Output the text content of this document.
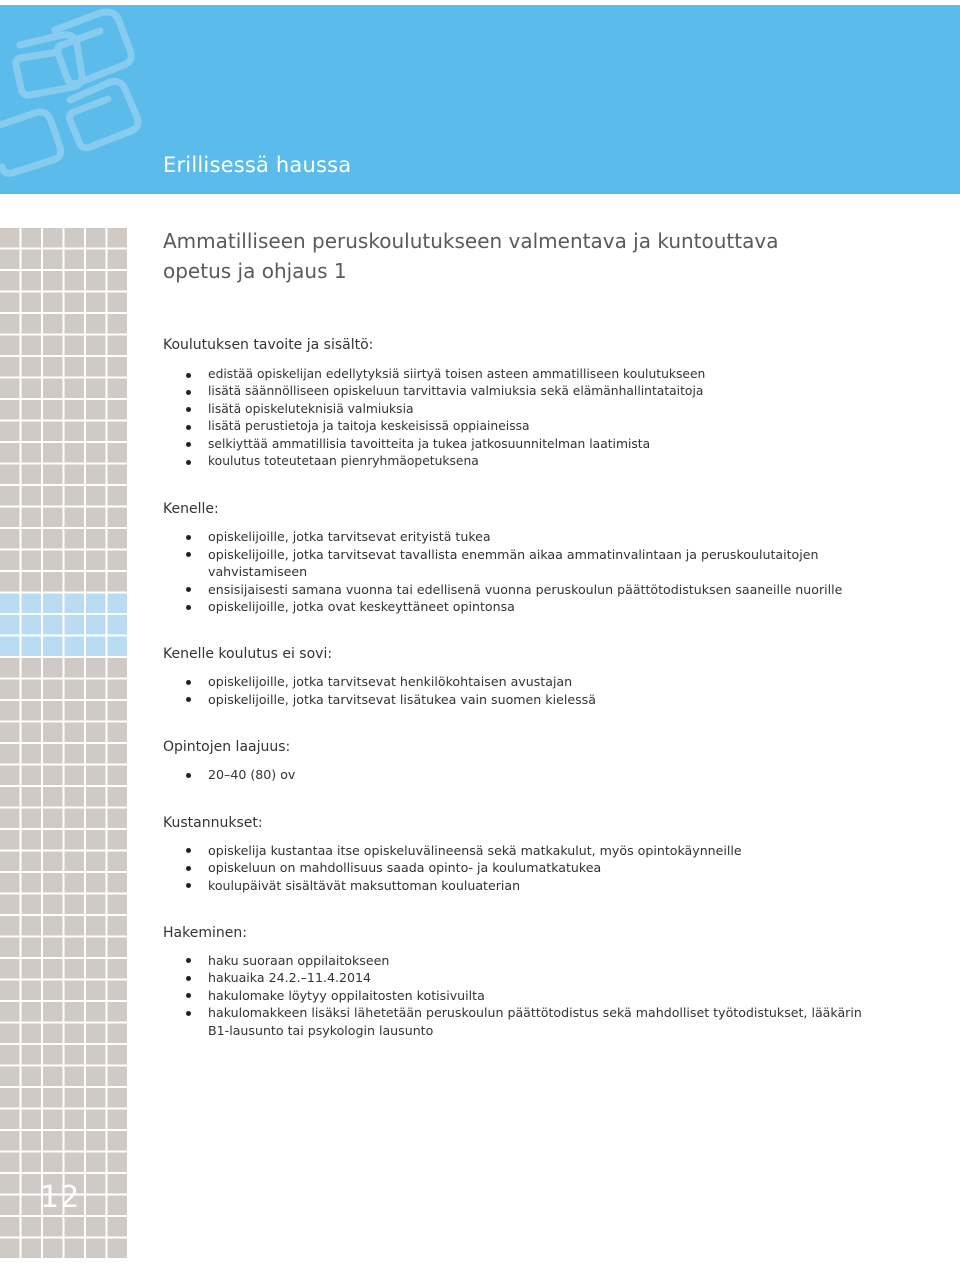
Erillisessä haussa
12
Ammatilliseen peruskoulutukseen valmentava ja kuntouttava opetus ja ohjaus 1
Koulutuksen tavoite ja sisältö:
edistää opiskelijan edellytyksiä siirtyä toisen asteen ammatilliseen koulutukseen
lisätä säännölliseen opiskeluun tarvittavia valmiuksia sekä elämänhallintataitoja
lisätä opiskeluteknisiä valmiuksia
lisätä perustietoja ja taitoja keskeisissä oppiaineissa
selkiyttää ammatillisia tavoitteita ja tukea jatkosuunnitelman laatimista
koulutus toteutetaan pienryhmäopetuksena
Kenelle:
opiskelijoille, jotka tarvitsevat erityistä tukea
opiskelijoille, jotka tarvitsevat tavallista enemmän aikaa ammatinvalintaan ja peruskoulutaitojen vahvistamiseen
ensisijaisesti samana vuonna tai edellisenä vuonna peruskoulun päättötodistuksen saaneille nuorille
opiskelijoille, jotka ovat keskeyttäneet opintonsa
Kenelle koulutus ei sovi:
opiskelijoille, jotka tarvitsevat henkilökohtaisen avustajan
opiskelijoille, jotka tarvitsevat lisätukea vain suomen kielessä
Opintojen laajuus:
20–40 (80) ov
Kustannukset:
opiskelija kustantaa itse opiskeluvälineensä sekä matkakulut, myös opintokäynneille
opiskeluun on mahdollisuus saada opinto- ja koulumatkatukea
koulupäivät sisältävät maksuttoman kouluaterian
Hakeminen:
haku suoraan oppilaitokseen
hakuaika 24.2.–11.4.2014
hakulomake löytyy oppilaitosten kotisivuilta
hakulomakkeen lisäksi lähetetään peruskoulun päättötodistus sekä mahdolliset työtodistukset, lääkärin B1-lausunto tai psykologin lausunto
